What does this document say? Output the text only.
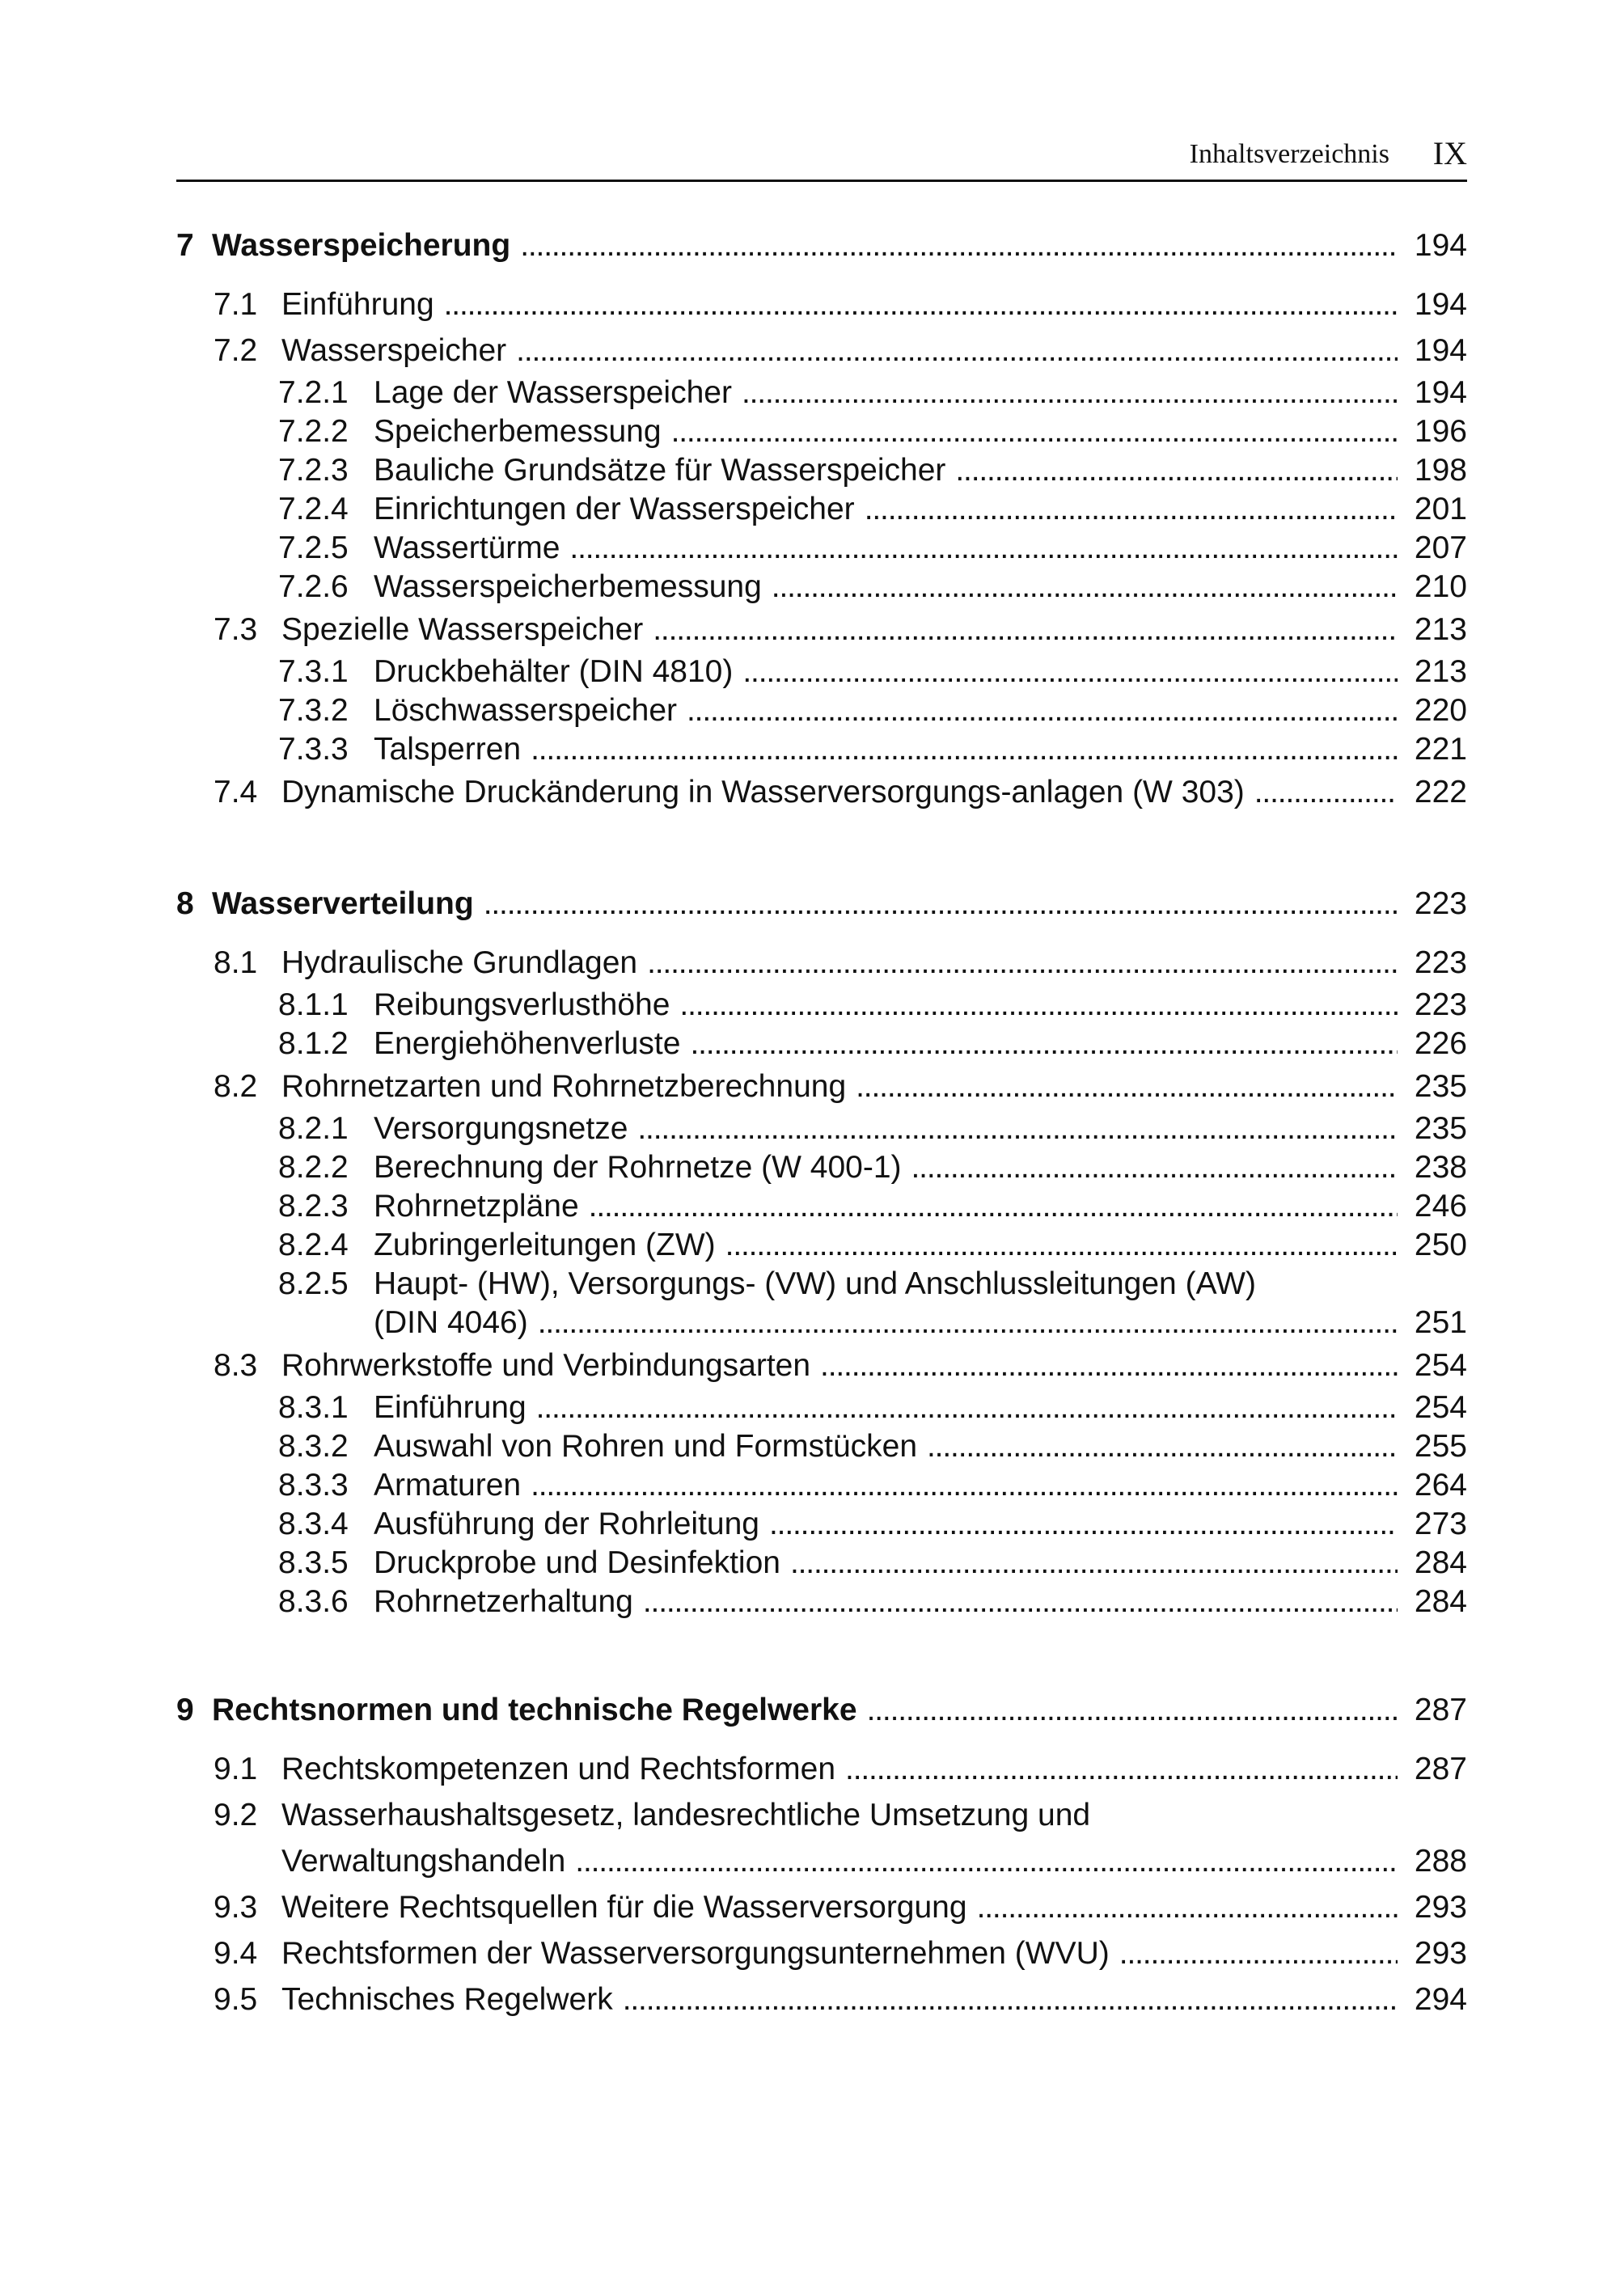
Inhaltsverzeichnis IX
7 Wasserspeicherung . . .	194
7.1 Einführung . . .	194
7.2 Wasserspeicher . . .	194
7.2.1 Lage der Wasserspeicher . . .	194
7.2.2 Speicherbemessung . . .	196
7.2.3 Bauliche Grundsätze für Wasserspeicher . . .	198
7.2.4 Einrichtungen der Wasserspeicher . . .	201
7.2.5 Wassertürme . . .	207
7.2.6 Wasserspeicherbemessung . . .	210
7.3 Spezielle Wasserspeicher . . .	213
7.3.1 Druckbehälter (DIN 4810) . . .	213
7.3.2 Löschwasserspeicher . . .	220
7.3.3 Talsperren . . .	221
7.4 Dynamische Druckänderung in Wasserversorgungs-anlagen (W 303) . . .	222
8 Wasserverteilung . . .	223
8.1 Hydraulische Grundlagen . . .	223
8.1.1 Reibungsverlusthöhe . . .	223
8.1.2 Energiehöhenverluste . . .	226
8.2 Rohrnetzarten und Rohrnetzberechnung . . .	235
8.2.1 Versorgungsnetze . . .	235
8.2.2 Berechnung der Rohrnetze (W 400-1) . . .	238
8.2.3 Rohrnetzpläne . . .	246
8.2.4 Zubringerleitungen (ZW) . . .	250
8.2.5 Haupt- (HW), Versorgungs- (VW) und Anschlussleitungen (AW)
(DIN 4046) . . .	251
8.3 Rohrwerkstoffe und Verbindungsarten . . .	254
8.3.1 Einführung . . .	254
8.3.2 Auswahl von Rohren und Formstücken . . .	255
8.3.3 Armaturen . . .	264
8.3.4 Ausführung der Rohrleitung . . .	273
8.3.5 Druckprobe und Desinfektion . . .	284
8.3.6 Rohrnetzerhaltung . . .	284
9 Rechtsnormen und technische Regelwerke . . .	287
9.1 Rechtskompetenzen und Rechtsformen . . .	287
9.2 Wasserhaushaltsgesetz, landesrechtliche Umsetzung und
Verwaltungshandeln . . .	288
9.3 Weitere Rechtsquellen für die Wasserversorgung . . .	293
9.4 Rechtsformen der Wasserversorgungsunternehmen (WVU) . . .	293
9.5 Technisches Regelwerk . . .	294
